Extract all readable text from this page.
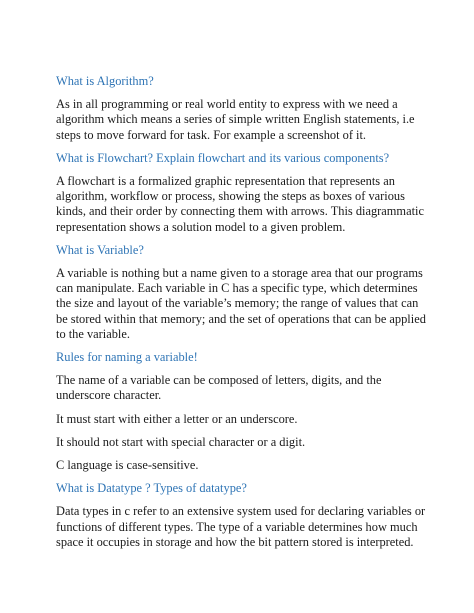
What is Algorithm?

As in all programming or real world entity to express with we need a algorithm which means a series of simple written English statements, i.e steps to move forward for task. For example a screenshot of it.

What is Flowchart? Explain flowchart and its various components?

A flowchart is a formalized graphic representation that represents an algorithm, workflow or process, showing the steps as boxes of various kinds, and their order by connecting them with arrows. This diagrammatic representation shows a solution model to a given problem.

What is Variable?

A variable is nothing but a name given to a storage area that our programs can manipulate. Each variable in C has a specific type, which determines the size and layout of the variable’s memory; the range of values that can be stored within that memory; and the set of operations that can be applied to the variable.

Rules for naming a variable!

The name of a variable can be composed of letters, digits, and the underscore character.

It must start with either a letter or an underscore.

It should not start with special character or a digit.

C language is case-sensitive.

What is Datatype ? Types of datatype?

Data types in c refer to an extensive system used for declaring variables or functions of different types. The type of a variable determines how much space it occupies in storage and how the bit pattern stored is interpreted.
